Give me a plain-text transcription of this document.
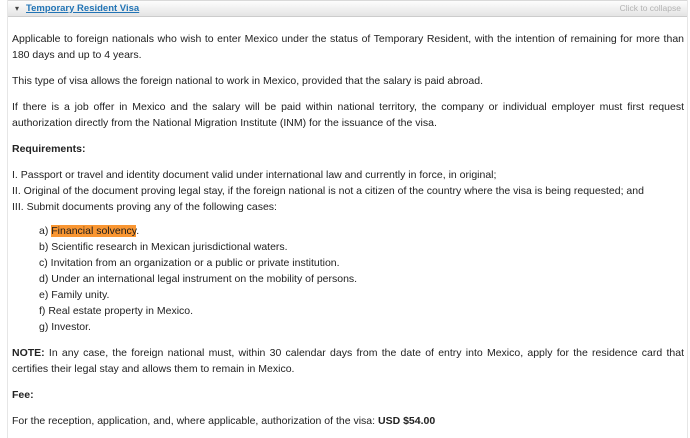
▾ Temporary Resident Visa	Click to collapse

Applicable to foreign nationals who wish to enter Mexico under the status of Temporary Resident, with the intention of remaining for more than 180 days and up to 4 years.

This type of visa allows the foreign national to work in Mexico, provided that the salary is paid abroad.

If there is a job offer in Mexico and the salary will be paid within national territory, the company or individual employer must first request authorization directly from the National Migration Institute (INM) for the issuance of the visa.

Requirements:
I. Passport or travel and identity document valid under international law and currently in force, in original;
II. Original of the document proving legal stay, if the foreign national is not a citizen of the country where the visa is being requested; and
III. Submit documents proving any of the following cases:
a) Financial solvency.
b) Scientific research in Mexican jurisdictional waters.
c) Invitation from an organization or a public or private institution.
d) Under an international legal instrument on the mobility of persons.
e) Family unity.
f) Real estate property in Mexico.
g) Investor.

NOTE: In any case, the foreign national must, within 30 calendar days from the date of entry into Mexico, apply for the residence card that certifies their legal stay and allows them to remain in Mexico.

Fee:

For the reception, application, and, where applicable, authorization of the visa: USD $54.00
